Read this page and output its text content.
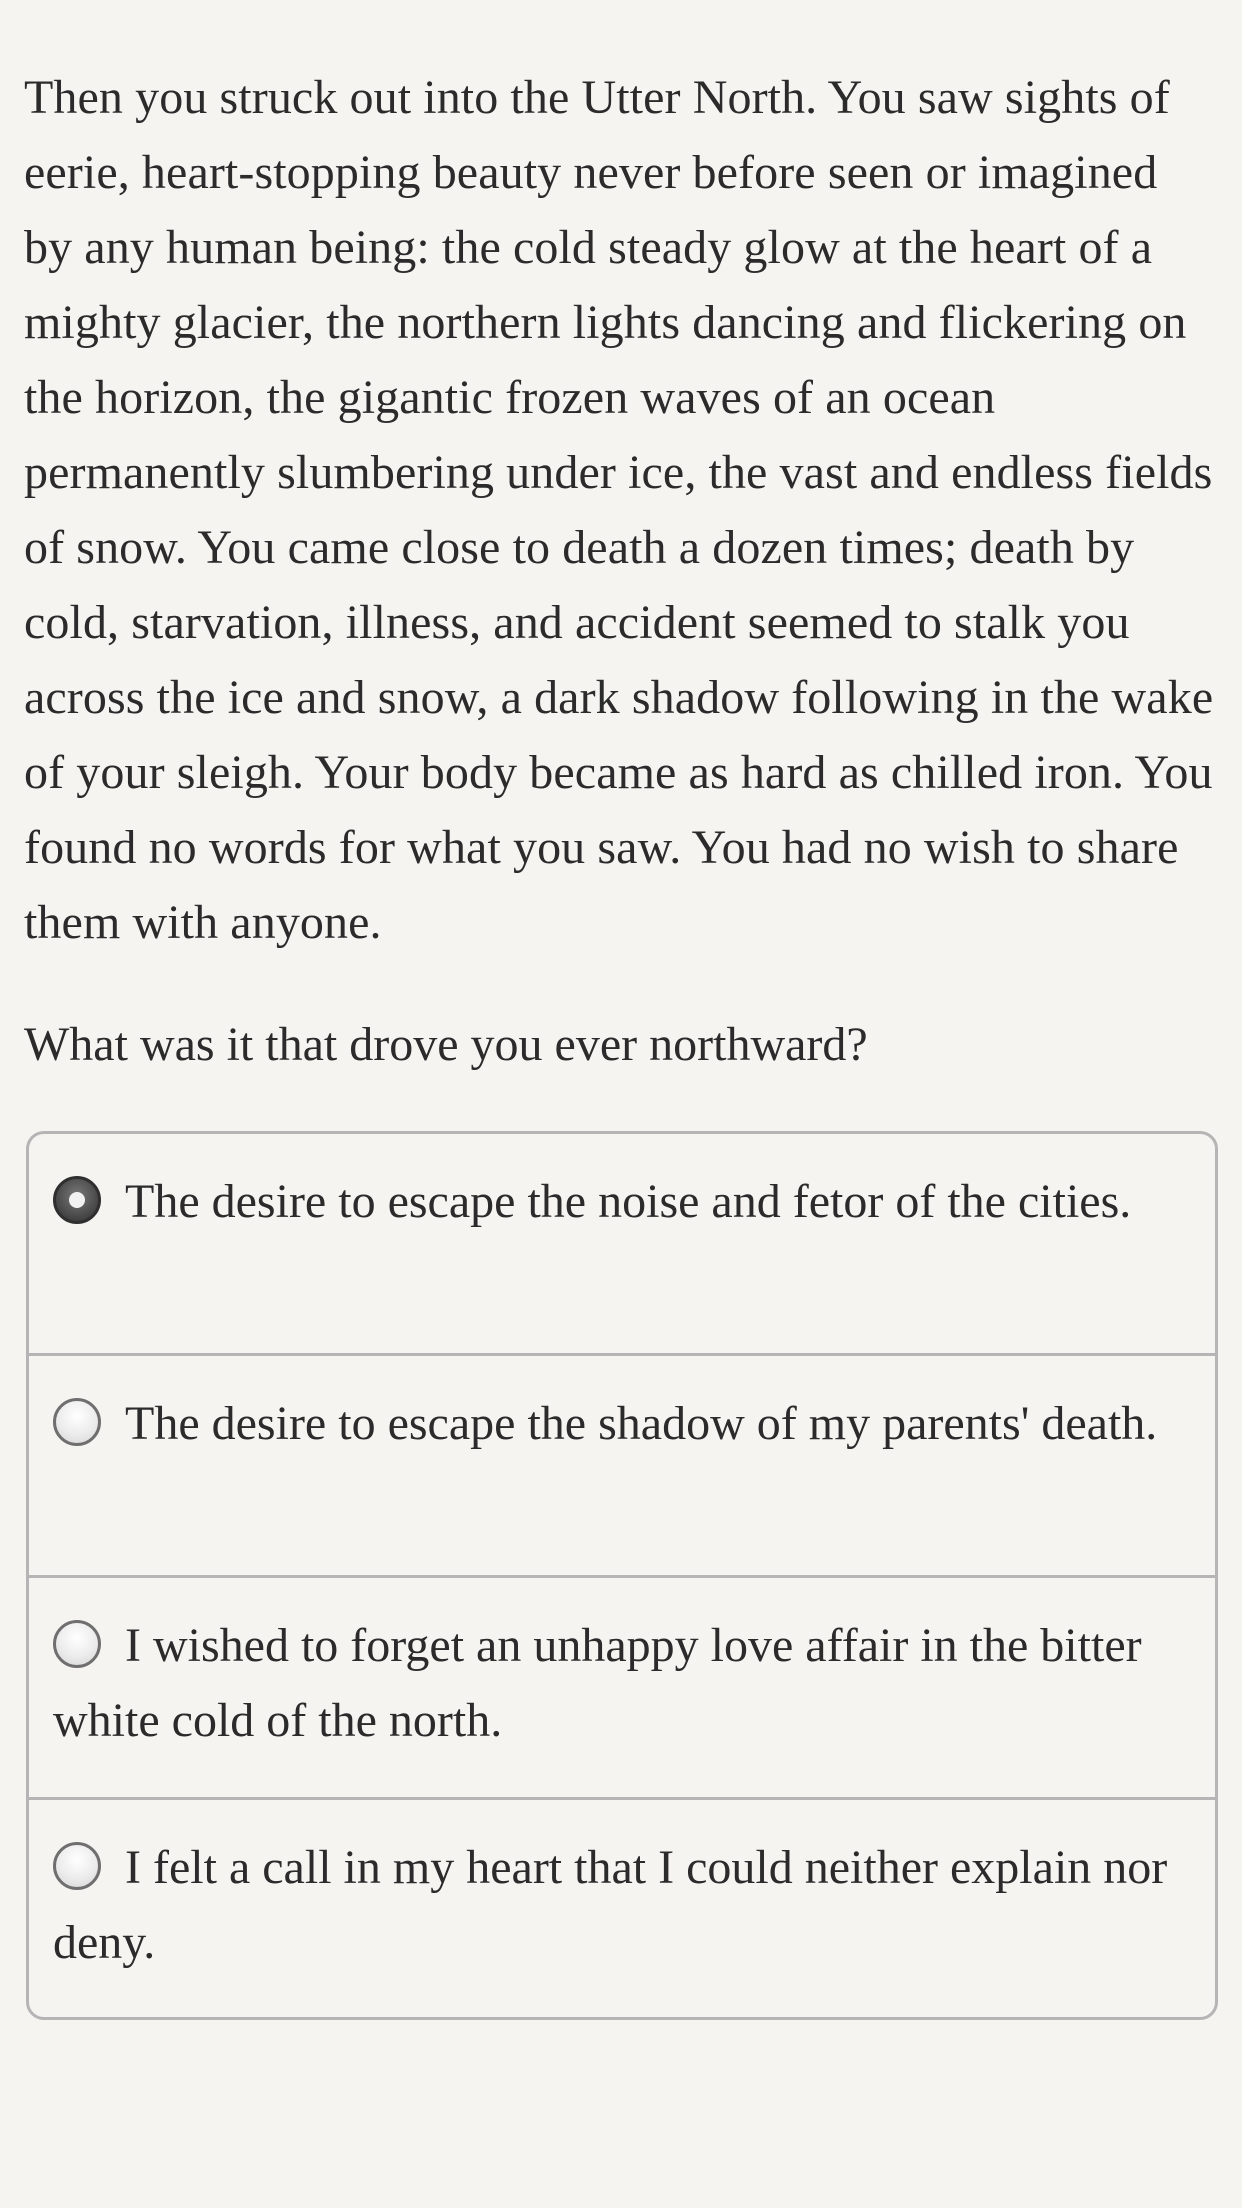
Then you struck out into the Utter North. You saw sights of eerie, heart-stopping beauty never before seen or imagined by any human being: the cold steady glow at the heart of a mighty glacier, the northern lights dancing and flickering on the horizon, the gigantic frozen waves of an ocean permanently slumbering under ice, the vast and endless fields of snow. You came close to death a dozen times; death by cold, starvation, illness, and accident seemed to stalk you across the ice and snow, a dark shadow following in the wake of your sleigh. Your body became as hard as chilled iron. You found no words for what you saw. You had no wish to share them with anyone.

What was it that drove you ever northward?

The desire to escape the noise and fetor of the cities.
The desire to escape the shadow of my parents' death.
I wished to forget an unhappy love affair in the bitter white cold of the north.
I felt a call in my heart that I could neither explain nor deny.
